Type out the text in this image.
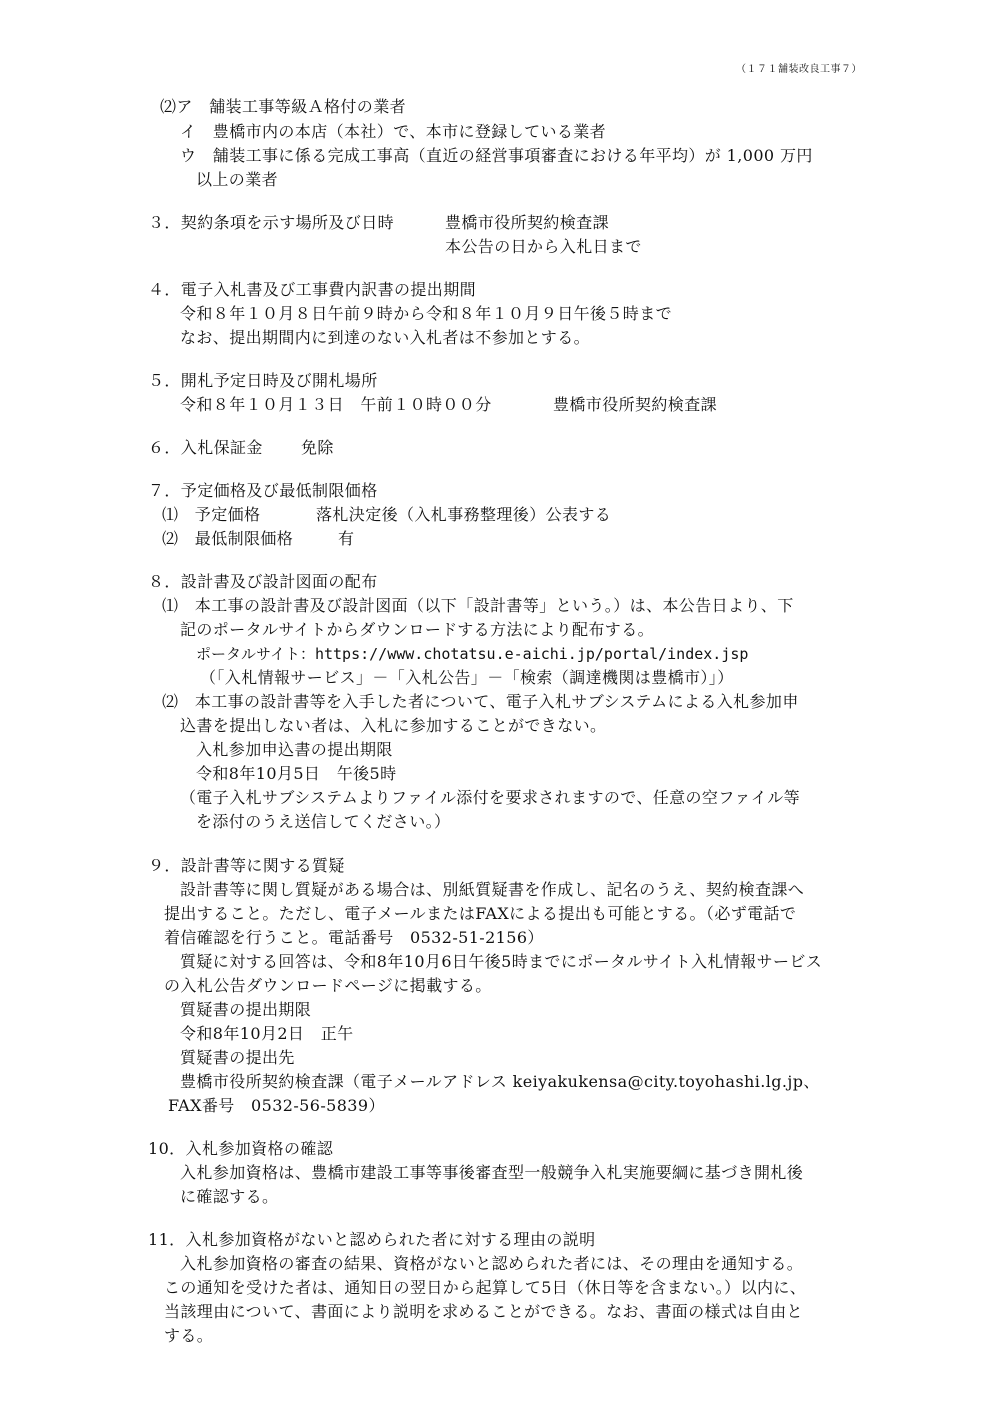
（１７１舗装改良工事７）
⑵ア　舗装工事等級Ａ格付の業者
イ　豊橋市内の本店（本社）で、本市に登録している業者
ウ　舗装工事に係る完成工事高（直近の経営事項審査における年平均）が 1,000 万円
以上の業者
３．契約条項を示す場所及び日時	豊橋市役所契約検査課
本公告の日から入札日まで
４．電子入札書及び工事費内訳書の提出期間
令和８年１０月８日午前９時から令和８年１０月９日午後５時まで
なお、提出期間内に到達のない入札者は不参加とする。
５．開札予定日時及び開札場所
令和８年１０月１３日　午前１０時００分	豊橋市役所契約検査課
６．入札保証金 免除
７．予定価格及び最低制限価格
⑴　予定価格	落札決定後（入札事務整理後）公表する
⑵　最低制限価格	有
８．設計書及び設計図面の配布
⑴　本工事の設計書及び設計図面（以下「設計書等」という。）は、本公告日より、下
記のポータルサイトからダウンロードする方法により配布する。
ポータルサイト：https://www.chotatsu.e-aichi.jp/portal/index.jsp
（「入札情報サービス」－「入札公告」－「検索（調達機関は豊橋市）」）
⑵　本工事の設計書等を入手した者について、電子入札サブシステムによる入札参加申
込書を提出しない者は、入札に参加することができない。
入札参加申込書の提出期限
令和8年10月5日　午後5時
（電子入札サブシステムよりファイル添付を要求されますので、任意の空ファイル等
を添付のうえ送信してください。）
９．設計書等に関する質疑
設計書等に関し質疑がある場合は、別紙質疑書を作成し、記名のうえ、契約検査課へ
提出すること。ただし、電子メールまたはFAXによる提出も可能とする。（必ず電話で
着信確認を行うこと。電話番号　0532-51-2156）
質疑に対する回答は、令和8年10月6日午後5時までにポータルサイト入札情報サービス
の入札公告ダウンロードページに掲載する。
質疑書の提出期限
令和8年10月2日　正午
質疑書の提出先
豊橋市役所契約検査課（電子メールアドレス keiyakukensa@city.toyohashi.lg.jp、
FAX番号　0532-56-5839）
10．入札参加資格の確認
入札参加資格は、豊橋市建設工事等事後審査型一般競争入札実施要綱に基づき開札後
に確認する。
11．入札参加資格がないと認められた者に対する理由の説明
入札参加資格の審査の結果、資格がないと認められた者には、その理由を通知する。
この通知を受けた者は、通知日の翌日から起算して5日（休日等を含まない。）以内に、
当該理由について、書面により説明を求めることができる。なお、書面の様式は自由と
する。
